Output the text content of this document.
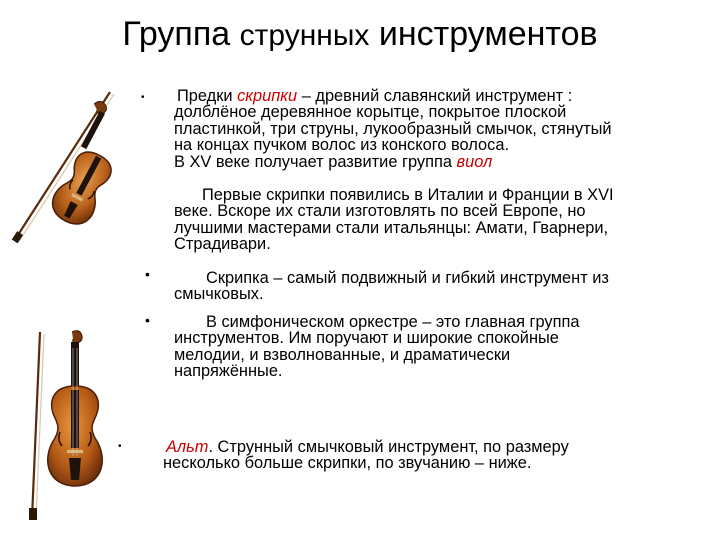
Группа струнных инструментов
•
•
•
•
Предки скрипки – древний славянский инструмент :
долблёное деревянное корытце, покрытое плоской
пластинкой, три струны, лукообразный смычок, стянутый
на концах пучком волос из конского волоса.
В XV веке получает развитие группа виол
Первые скрипки появились в Италии и Франции в XVI
веке. Вскоре их стали изготовлять по всей Европе, но
лучшими мастерами стали итальянцы: Амати, Гварнери,
Страдивари.
Скрипка – самый подвижный и гибкий инструмент из
смычковых.
В симфоническом оркестре – это главная группа
инструментов. Им поручают и широкие спокойные
мелодии, и взволнованные, и драматически
напряжённые.
Альт. Струнный смычковый инструмент, по размеру
несколько больше скрипки, по звучанию – ниже.
